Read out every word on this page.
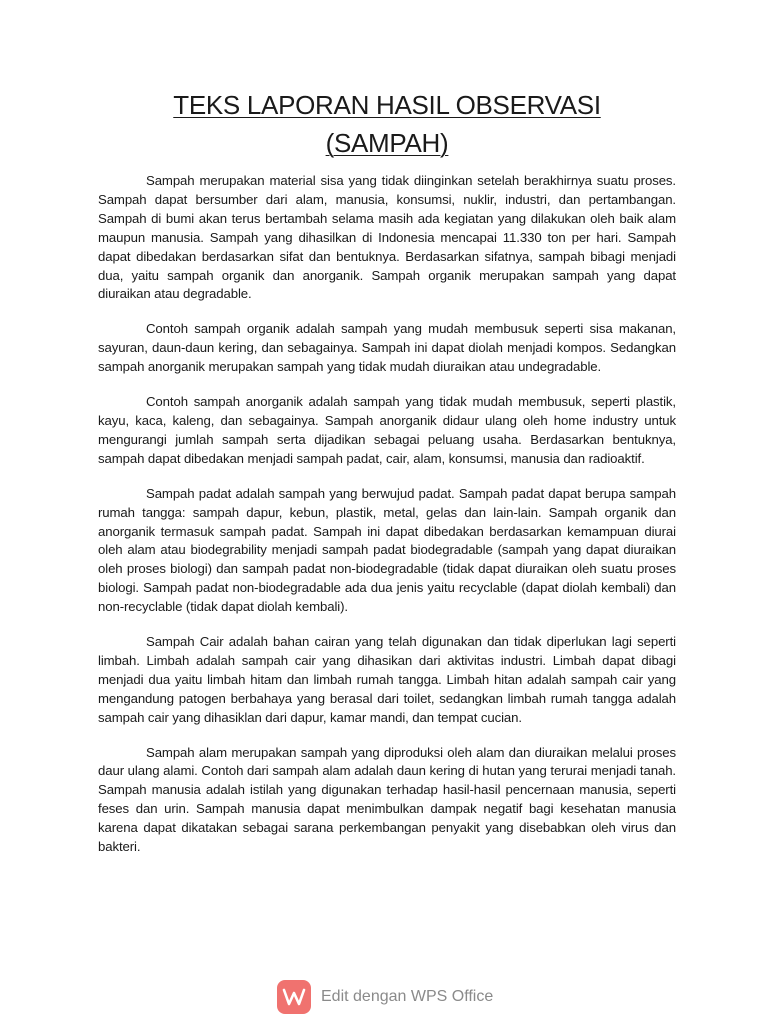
TEKS LAPORAN HASIL OBSERVASI
(SAMPAH)

Sampah merupakan material sisa yang tidak diinginkan setelah berakhirnya suatu proses. Sampah dapat bersumber dari alam, manusia, konsumsi, nuklir, industri, dan pertambangan. Sampah di bumi akan terus bertambah selama masih ada kegiatan yang dilakukan oleh baik alam maupun manusia. Sampah yang dihasilkan di Indonesia mencapai 11.330 ton per hari. Sampah dapat dibedakan berdasarkan sifat dan bentuknya. Berdasarkan sifatnya, sampah bibagi menjadi dua, yaitu sampah organik dan anorganik. Sampah organik merupakan sampah yang dapat diuraikan atau degradable.

Contoh sampah organik adalah sampah yang mudah membusuk seperti sisa makanan, sayuran, daun-daun kering, dan sebagainya. Sampah ini dapat diolah menjadi kompos. Sedangkan sampah anorganik merupakan sampah yang tidak mudah diuraikan atau undegradable.

Contoh sampah anorganik adalah sampah yang tidak mudah membusuk, seperti plastik, kayu, kaca, kaleng, dan sebagainya. Sampah anorganik didaur ulang oleh home industry untuk mengurangi jumlah sampah serta dijadikan sebagai peluang usaha. Berdasarkan bentuknya, sampah dapat dibedakan menjadi sampah padat, cair, alam, konsumsi, manusia dan radioaktif.

Sampah padat adalah sampah yang berwujud padat. Sampah padat dapat berupa sampah rumah tangga: sampah dapur, kebun, plastik, metal, gelas dan lain-lain. Sampah organik dan anorganik termasuk sampah padat. Sampah ini dapat dibedakan berdasarkan kemampuan diurai oleh alam atau biodegrability menjadi sampah padat biodegradable (sampah yang dapat diuraikan oleh proses biologi) dan sampah padat non-biodegradable (tidak dapat diuraikan oleh suatu proses biologi. Sampah padat non-biodegradable ada dua jenis yaitu recyclable (dapat diolah kembali) dan non-recyclable (tidak dapat diolah kembali).

Sampah Cair adalah bahan cairan yang telah digunakan dan tidak diperlukan lagi seperti limbah. Limbah adalah sampah cair yang dihasikan dari aktivitas industri. Limbah dapat dibagi menjadi dua yaitu limbah hitam dan limbah rumah tangga. Limbah hitan adalah sampah cair yang mengandung patogen berbahaya yang berasal dari toilet, sedangkan limbah rumah tangga adalah sampah cair yang dihasiklan dari dapur, kamar mandi, dan tempat cucian.

Sampah alam merupakan sampah yang diproduksi oleh alam dan diuraikan melalui proses daur ulang alami. Contoh dari sampah alam adalah daun kering di hutan yang terurai menjadi tanah. Sampah manusia adalah istilah yang digunakan terhadap hasil-hasil pencernaan manusia, seperti feses dan urin. Sampah manusia dapat menimbulkan dampak negatif bagi kesehatan manusia karena dapat dikatakan sebagai sarana perkembangan penyakit yang disebabkan oleh virus dan bakteri.

Edit dengan WPS Office
